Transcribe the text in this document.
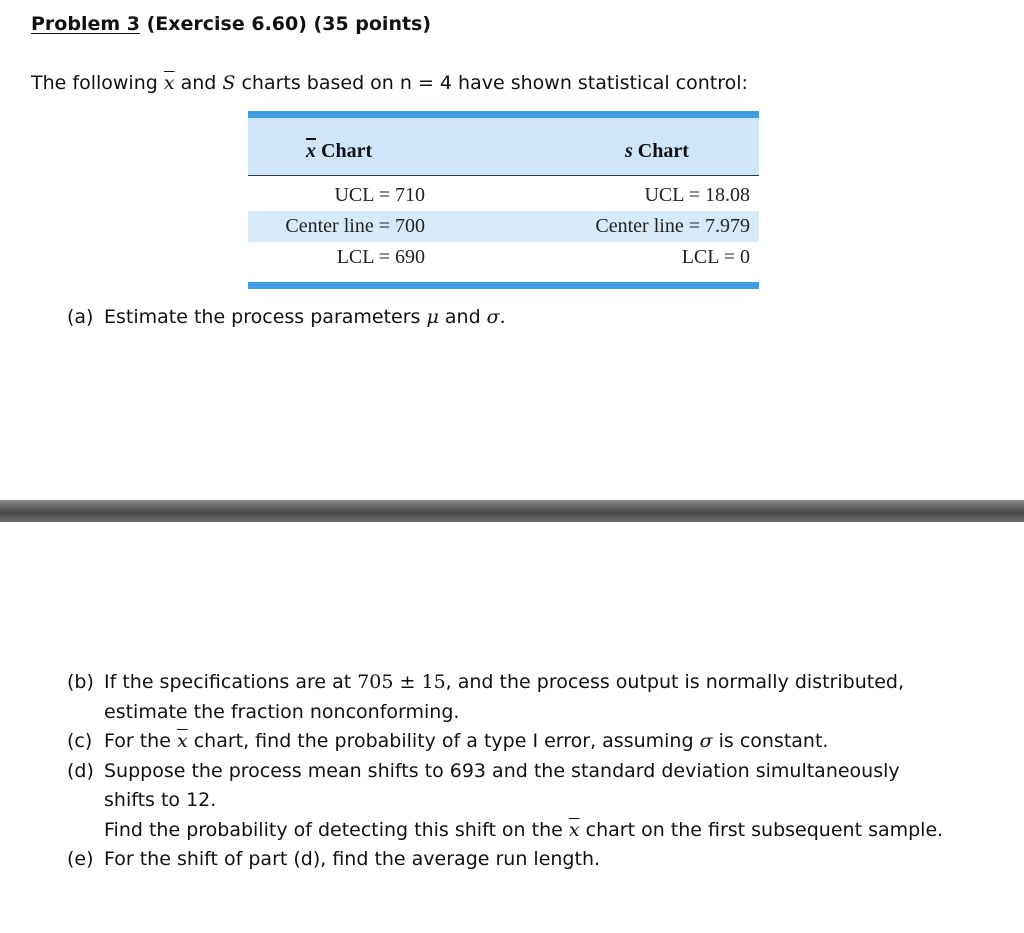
Problem 3 (Exercise 6.60) (35 points)
The following $\overline{x}$ and S charts based on n = 4 have shown statistical control:
$\overline{x}$ Chart	s Chart
UCL = 710	UCL = 18.08
Center line = 700	Center line = 7.979
LCL = 690	LCL = 0
(a) Estimate the process parameters μ and σ.
(b) If the specifications are at 705 ± 15, and the process output is normally distributed,
estimate the fraction nonconforming.
(c) For the $\overline{x}$ chart, find the probability of a type I error, assuming σ is constant.
(d) Suppose the process mean shifts to 693 and the standard deviation simultaneously
shifts to 12.
Find the probability of detecting this shift on the $\overline{x}$ chart on the first subsequent sample.
(e) For the shift of part (d), find the average run length.
